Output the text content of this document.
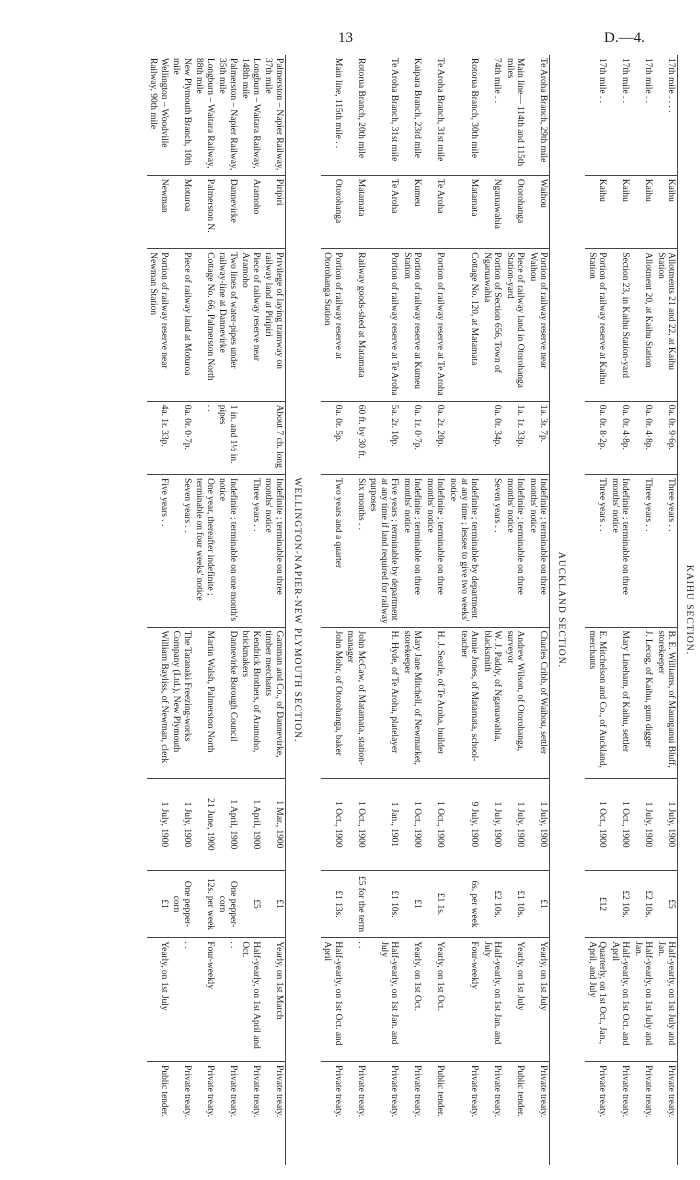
13	D.—4.
KAIHU SECTION.									
17th mile . . . .	Kaihu	Allotments 21 and 22, at Kaihu Station	0a. 0r. 9·6p.	Three years . .	B. E. Williams, of Maunganui Bluff, storekeeper	1 July, 1900	£5	Half-yearly, on 1st July and Jan.	Private treaty.
17th mile . .	Kaihu	Allotment 20, at Kaihu Station	0a. 0r. 4·8p.	Three years . .	J. Lecog, of Kaihu, gum digger	1 July, 1900	£2 10s.	Half-yearly, on 1st July and Jan.	Private treaty.
17th mile . .	Kaihu	Section 23, in Kaihu Station-yard	0a. 0r. 4·8p.	Indefinite ; terminable on three months' notice	Mary Lineham, of Kaihu, settler	1 Oct., 1900	£2 10s.	Half-yearly, on 1st Oct. and April	Private treaty.
17th mile . .	Kaihu	Portion of railway reserve at Kaihu Station	0a. 0r. 8·2p.	Three years . .	E. Mitchelson and Co., of Auckland, merchants	1 Oct., 1900	£12	Quarterly, on 1st Oct., Jan., April, and July	Private treaty.

AUCKLAND SECTION.									
Te Aroha Branch, 29th mile	Waihou	Portion of railway reserve near Waihou	1a. 3r. 7p.	Indefinite ; terminable on three months' notice	Charles Cribb, of Waihou, settler	1 July, 1900	£1	Yearly, on 1st July	Private treaty.
Main line— 114th and 115th miles	Otorohanga	Piece of railway land in Otorohanga Station-yard	1a. 1r. 33p.	Indefinite ; terminable on three months' notice	Andrew Wilson, of Otorohanga, surveyor	1 July, 1900	£1 10s.	Yearly, on 1st July	Public tender.
74th mile . .	Ngaruawahia	Portion of Section 656, Town of Ngaruawahia	0a. 0r. 34p.	Seven years . .	W. J. Paddy, of Ngaruawahia, blacksmith	1 July, 1900	£2 10s.	Half-yearly, on 1st Jan. and July	Private treaty.
Rotorua Branch, 30th mile	Matamata	Cottage No. 120, at Matamata		Indefinite ; terminable by department at any time ; lessee to give two weeks' notice	Annie Jones, of Matamata, school-teacher	9 July, 1900	6s. per week	Four-weekly	Private treaty.
Te Aroha Branch, 31st mile	Te Aroha	Portion of railway reserve at Te Aroha	0a. 2r. 20p.	Indefinite ; terminable on three months' notice	H. J. Searle, of Te Aroha, builder	1 Oct., 1900	£1 1s.	Yearly, on 1st Oct.	Public tender.
Kaipara Branch, 23rd mile	Kumeu	Portion of railway reserve at Kumeu Station	0a. 1r. 0·7p.	Indefinite ; terminable on three months' notice	Mary Jane Mitchell, of Newmarket, storekeeper	1 Oct., 1900	£1	Yearly, on 1st Oct.	Private treaty.
Te Aroha Branch, 31st mile	Te Aroha	Portion of railway reserve at Te Aroha	5a. 2r. 10p.	Five years ; terminable by department at any time if land required for railway purposes	H. Hyde, of Te Aroha, platelayer	1 Jan., 1901	£1 10s.	Half-yearly, on 1st Jan. and July	Private treaty.
Rotorua Branch, 20th mile	Matamata	Railway goods-shed at Matamata	60 ft. by 30 ft.	Six months . .	John McCaw, of Matamata, station-manager	1 Oct., 1900	£5 for the term	. .	Private treaty.
Main line, 115th mile . .	Otorohanga	Portion of railway reserve at Otorohanga Station	0a. 0r. 5p.	Two years and a quarter	John Mohr, of Otorohanga, baker	1 Oct., 1900	£1 13s.	Half-yearly, on 1st Oct. and April	Private treaty.

WELLINGTON-NAPIER-NEW PLYMOUTH SECTION.									
Palmerston – Napier Railway, 37th mile	Piripiri	Privilege of laying tramway on railway land at Piripiri	About 7 ch. long	Indefinite ; terminable on three months' notice	Gamman and Co., of Dannevirke, timber merchants	1 Mar., 1900	£1	Yearly, on 1st March	Private treaty.
Longburn – Waitara Railway, 148th mile	Aramoho	Piece of railway reserve near Aramoho		Three years . .	Kendrick Brothers, of Aramoho, brickmakers	1 April, 1900	£5	Half-yearly, on 1st April and Oct.	Private treaty.
Palmerston – Napier Railway, 35th mile	Dannevirke	Two lines of water-pipes under railway-line at Dannevirke	1 in. and 1½ in. pipes	Indefinite ; terminable on one month's notice	Dannevirke Borough Council	1 April, 1900	One pepper-corn	. .	Private treaty.
Longburn – Waitara Railway, 88th mile	Palmerston N.	Cottage No. 66, Palmerston North	. .	One year, thereafter indefinite ; terminable on four weeks' notice	Martin Walsh, Palmerston North	21 June, 1900	12s. per week	Four-weekly	Private treaty.
New Plymouth Branch, 10th mile	Moturoa	Piece of railway land at Moturoa	0a. 0r. 0·7p.	Seven years . .	The Taranaki Freezing-works Company (Ltd.), New Plymouth	1 July, 1900	One pepper-corn	. .	Private treaty.
Wellington – Woodville Railway, 90th mile	Newman	Portion of railway reserve near Newman Station	4a. 1r. 33p.	Five years . .	William Bayliss, of Newman, clerk	1 July, 1900	£1	Yearly, on 1st July	Public tender.
